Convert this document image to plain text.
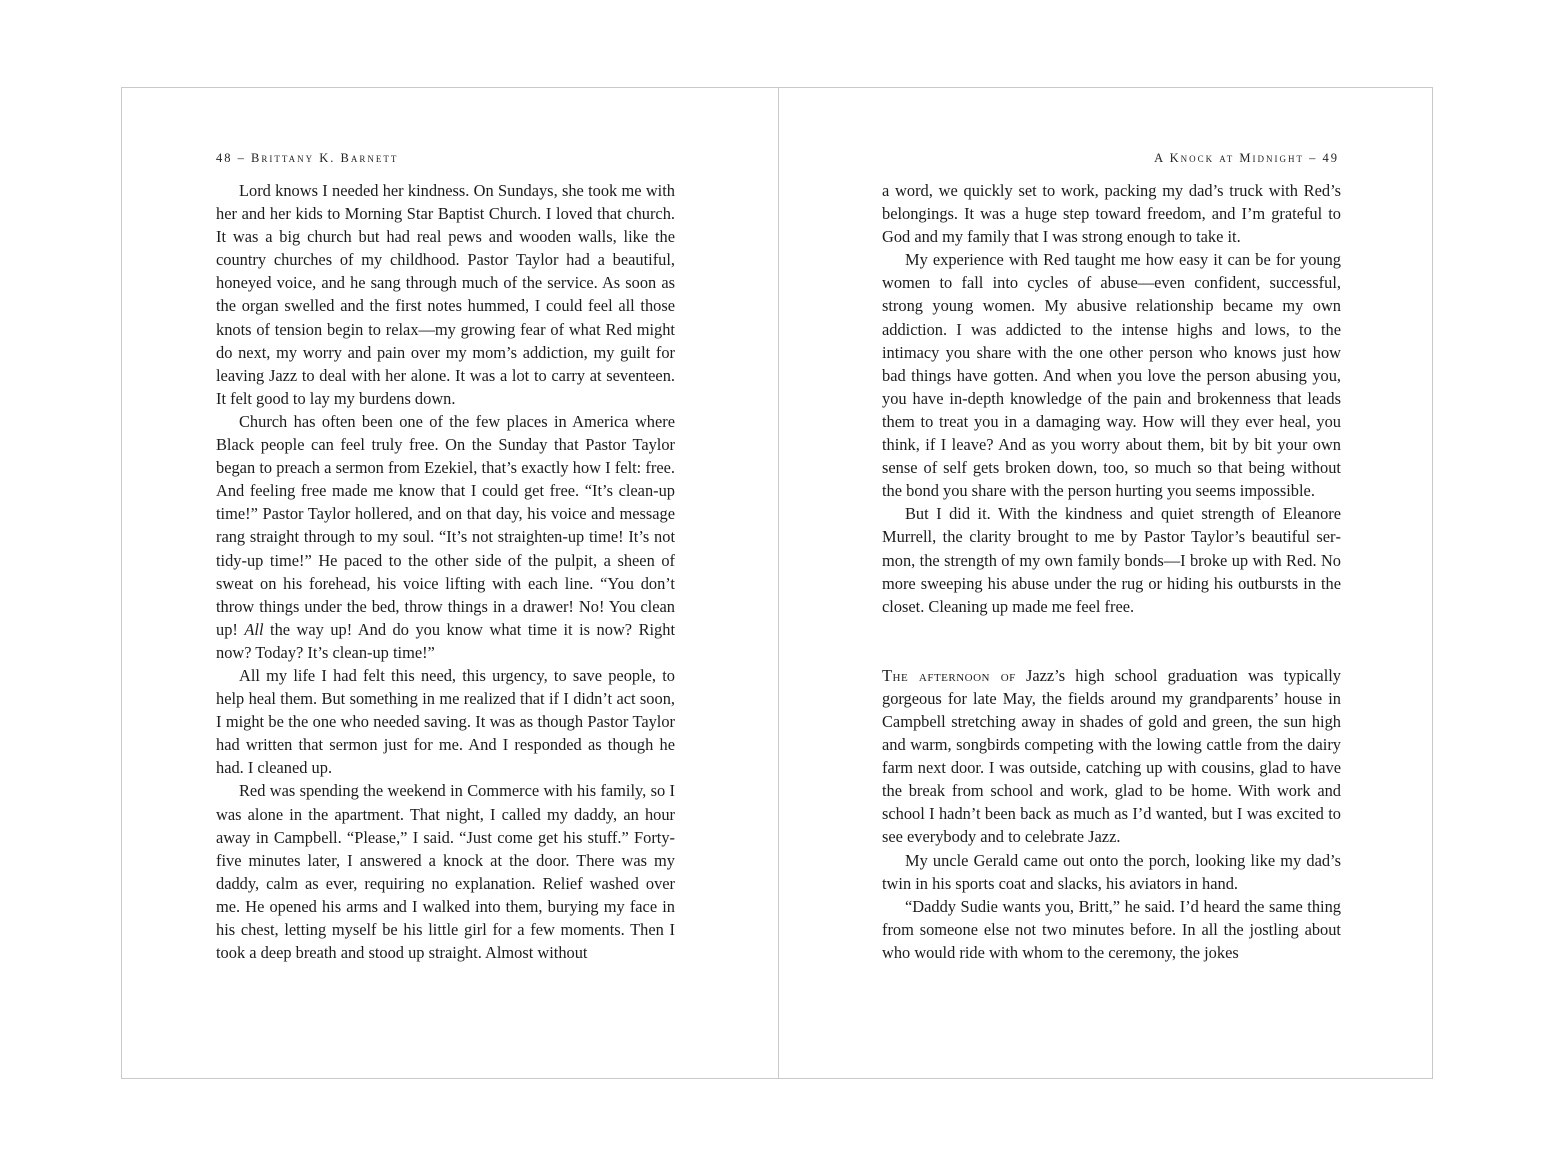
48 – Brittany K. Barnett

Lord knows I needed her kindness. On Sundays, she took me with her and her kids to Morning Star Baptist Church. I loved that church. It was a big church but had real pews and wooden walls, like the country churches of my childhood. Pastor Taylor had a beautiful, honeyed voice, and he sang through much of the service. As soon as the organ swelled and the first notes hummed, I could feel all those knots of tension begin to relax—my growing fear of what Red might do next, my worry and pain over my mom’s addiction, my guilt for leaving Jazz to deal with her alone. It was a lot to carry at seventeen. It felt good to lay my burdens down.

Church has often been one of the few places in America where Black people can feel truly free. On the Sunday that Pastor Taylor began to preach a sermon from Ezekiel, that’s exactly how I felt: free. And feeling free made me know that I could get free. “It’s clean-up time!” Pastor Taylor hollered, and on that day, his voice and message rang straight through to my soul. “It’s not straighten-up time! It’s not tidy-up time!” He paced to the other side of the pulpit, a sheen of sweat on his forehead, his voice lifting with each line. “You don’t throw things under the bed, throw things in a drawer! No! You clean up! All the way up! And do you know what time it is now? Right now? Today? It’s clean-up time!”

All my life I had felt this need, this urgency, to save people, to help heal them. But something in me realized that if I didn’t act soon, I might be the one who needed saving. It was as though Pastor Taylor had written that sermon just for me. And I responded as though he had. I cleaned up.

Red was spending the weekend in Commerce with his family, so I was alone in the apartment. That night, I called my daddy, an hour away in Campbell. “Please,” I said. “Just come get his stuff.” Forty-five minutes later, I answered a knock at the door. There was my daddy, calm as ever, requiring no explanation. Relief washed over me. He opened his arms and I walked into them, burying my face in his chest, letting myself be his little girl for a few moments. Then I took a deep breath and stood up straight. Almost without

A Knock at Midnight – 49

a word, we quickly set to work, packing my dad’s truck with Red’s belongings. It was a huge step toward freedom, and I’m grateful to God and my family that I was strong enough to take it.

My experience with Red taught me how easy it can be for young women to fall into cycles of abuse—even confident, successful, strong young women. My abusive relationship became my own addiction. I was addicted to the intense highs and lows, to the intimacy you share with the one other person who knows just how bad things have gotten. And when you love the person abusing you, you have in-depth knowledge of the pain and brokenness that leads them to treat you in a damaging way. How will they ever heal, you think, if I leave? And as you worry about them, bit by bit your own sense of self gets broken down, too, so much so that being without the bond you share with the person hurting you seems impossible.

But I did it. With the kindness and quiet strength of Eleanore Murrell, the clarity brought to me by Pastor Taylor’s beautiful sermon, the strength of my own family bonds—I broke up with Red. No more sweeping his abuse under the rug or hiding his outbursts in the closet. Cleaning up made me feel free.

The afternoon of Jazz’s high school graduation was typically gorgeous for late May, the fields around my grandparents’ house in Campbell stretching away in shades of gold and green, the sun high and warm, songbirds competing with the lowing cattle from the dairy farm next door. I was outside, catching up with cousins, glad to have the break from school and work, glad to be home. With work and school I hadn’t been back as much as I’d wanted, but I was excited to see everybody and to celebrate Jazz.

My uncle Gerald came out onto the porch, looking like my dad’s twin in his sports coat and slacks, his aviators in hand.

“Daddy Sudie wants you, Britt,” he said. I’d heard the same thing from someone else not two minutes before. In all the jostling about who would ride with whom to the ceremony, the jokes
